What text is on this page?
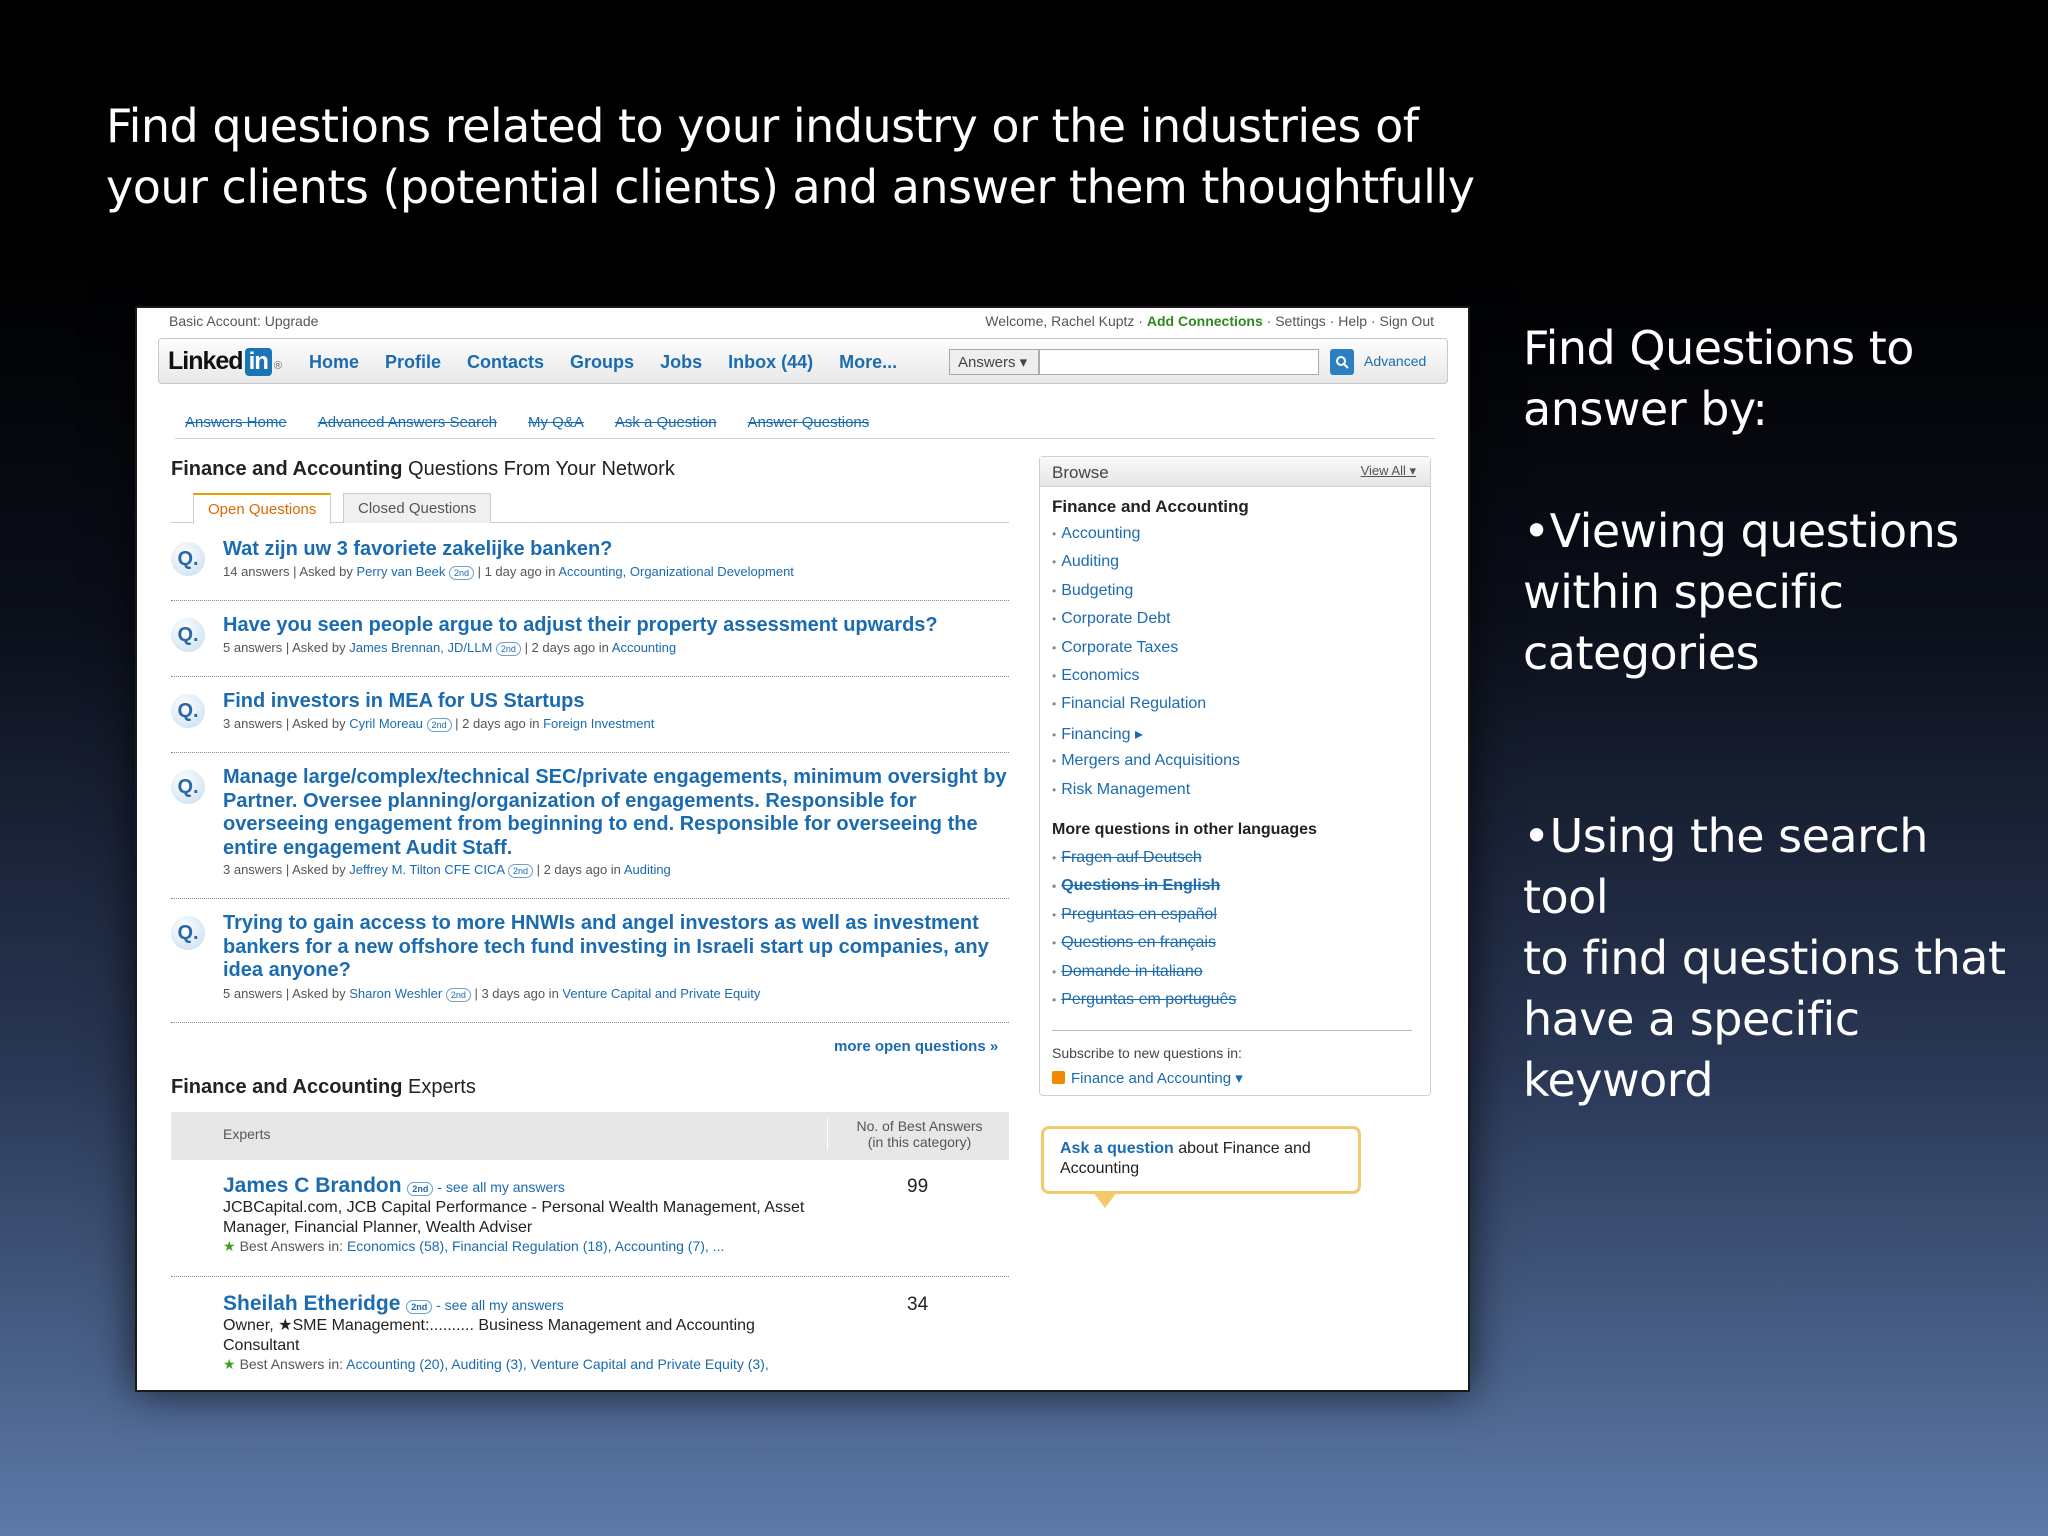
Find questions related to your industry or the industries of
your clients (potential clients) and answer them thoughtfully
Find Questions to
answer by:
•Viewing questions
within specific
categories
•Using the search tool
to find questions that
have a specific
keyword
Basic Account: Upgrade	Welcome, Rachel Kuptz · Add Connections · Settings · Help · Sign Out
Linked in ® Home Profile Contacts Groups Jobs Inbox (44) More...	Answers ▾	Advanced
Answers Home Advanced Answers Search My Q&A Ask a Question Answer Questions
Finance and Accounting Questions From Your Network
Open Questions	Closed Questions
Q.	Wat zijn uw 3 favoriete zakelijke banken?
14 answers | Asked by Perry van Beek 2nd | 1 day ago in Accounting, Organizational Development
Q.	Have you seen people argue to adjust their property assessment upwards?
5 answers | Asked by James Brennan, JD/LLM 2nd | 2 days ago in Accounting
Q.	Find investors in MEA for US Startups
3 answers | Asked by Cyril Moreau 2nd | 2 days ago in Foreign Investment
Q.	Manage large/complex/technical SEC/private engagements, minimum oversight by Partner. Oversee planning/organization of engagements. Responsible for overseeing engagement from beginning to end. Responsible for overseeing the entire engagement Audit Staff.
3 answers | Asked by Jeffrey M. Tilton CFE CICA 2nd | 2 days ago in Auditing
Q.	Trying to gain access to more HNWIs and angel investors as well as investment bankers for a new offshore tech fund investing in Israeli start up companies, any idea anyone?
5 answers | Asked by Sharon Weshler 2nd | 3 days ago in Venture Capital and Private Equity
more open questions »
Finance and Accounting Experts
Experts	No. of Best Answers
(in this category)
James C Brandon 2nd - see all my answers
JCBCapital.com, JCB Capital Performance - Personal Wealth Management, Asset Manager, Financial Planner, Wealth Adviser
★ Best Answers in: Economics (58), Financial Regulation (18), Accounting (7), ...
99
Sheilah Etheridge 2nd - see all my answers
Owner, ★SME Management:.......... Business Management and Accounting Consultant
★ Best Answers in: Accounting (20), Auditing (3), Venture Capital and Private Equity (3),
34
Browse	View All ▾
Finance and Accounting
• Accounting
• Auditing
• Budgeting
• Corporate Debt
• Corporate Taxes
• Economics
• Financial Regulation
• Financing ▸
• Mergers and Acquisitions
• Risk Management
More questions in other languages
• Fragen auf Deutsch
• Questions in English
• Preguntas en español
• Questions en français
• Domande in italiano
• Perguntas em português
Subscribe to new questions in:
Finance and Accounting ▾
Ask a question about Finance and Accounting
